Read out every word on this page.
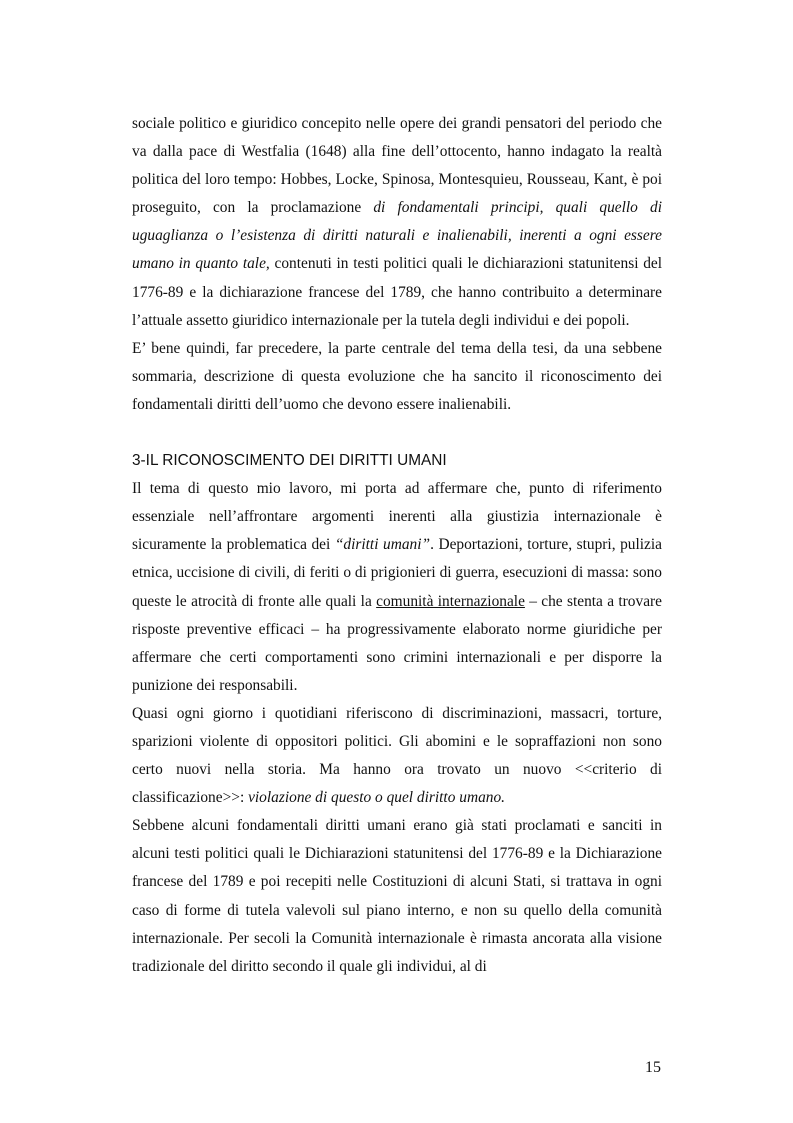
sociale politico e giuridico concepito nelle opere dei grandi pensatori del periodo che va dalla pace di Westfalia (1648) alla fine dell’ottocento, hanno indagato la realtà politica del loro tempo: Hobbes, Locke, Spinosa, Montesquieu, Rousseau, Kant, è poi proseguito, con la proclamazione di fondamentali principi, quali quello di uguaglianza o l’esistenza di diritti naturali e inalienabili, inerenti a ogni essere umano in quanto tale, contenuti in testi politici quali le dichiarazioni statunitensi del 1776-89 e la dichiarazione francese del 1789, che hanno contribuito a determinare l’attuale assetto giuridico internazionale per la tutela degli individui e dei popoli.

E’ bene quindi, far precedere, la parte centrale del tema della tesi, da una sebbene sommaria, descrizione di questa evoluzione che ha sancito il riconoscimento dei fondamentali diritti dell’uomo che devono essere inalienabili.

3-IL RICONOSCIMENTO DEI DIRITTI UMANI

Il tema di questo mio lavoro, mi porta ad affermare che, punto di riferimento essenziale nell’affrontare argomenti inerenti alla giustizia internazionale è sicuramente la problematica dei “diritti umani”. Deportazioni, torture, stupri, pulizia etnica, uccisione di civili, di feriti o di prigionieri di guerra, esecuzioni di massa: sono queste le atrocità di fronte alle quali la comunità internazionale – che stenta a trovare risposte preventive efficaci – ha progressivamente elaborato norme giuridiche per affermare che certi comportamenti sono crimini internazionali e per disporre la punizione dei responsabili.

Quasi ogni giorno i quotidiani riferiscono di discriminazioni, massacri, torture, sparizioni violente di oppositori politici. Gli abomini e le sopraffazioni non sono certo nuovi nella storia. Ma hanno ora trovato un nuovo <<criterio di classificazione>>: violazione di questo o quel diritto umano.

Sebbene alcuni fondamentali diritti umani erano già stati proclamati e sanciti in alcuni testi politici quali le Dichiarazioni statunitensi del 1776-89 e la Dichiarazione francese del 1789 e poi recepiti nelle Costituzioni di alcuni Stati, si trattava in ogni caso di forme di tutela valevoli sul piano interno, e non su quello della comunità internazionale. Per secoli la Comunità internazionale è rimasta ancorata alla visione tradizionale del diritto secondo il quale gli individui, al di

15
